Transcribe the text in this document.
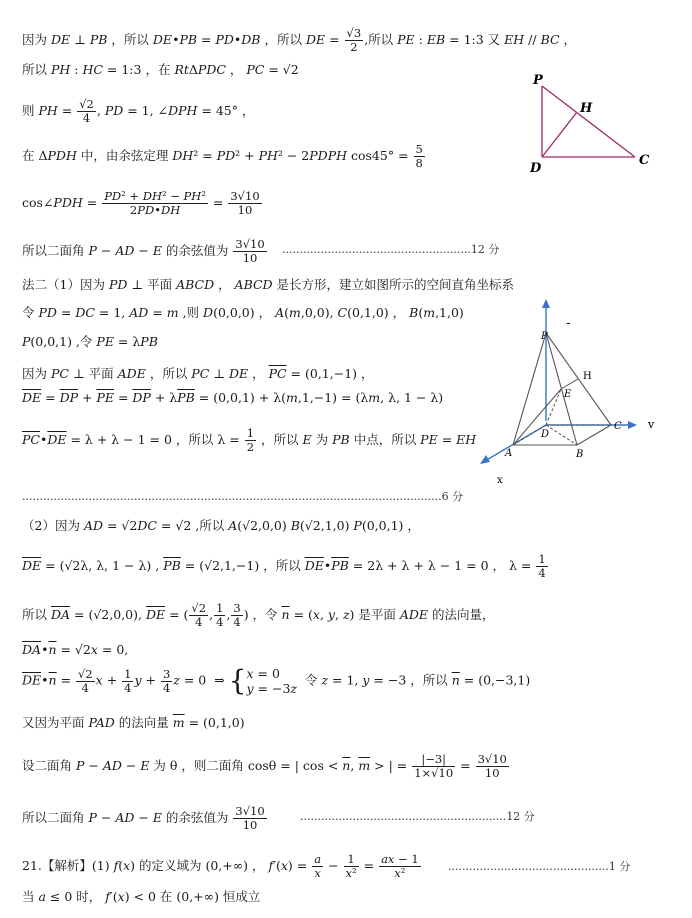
因为 DE ⊥ PB ，所以 DE•PB = PD•DB ，所以 DE = $\frac{√3}{2}$ ,所以 PE : EB = 1:3 又 EH // BC ，
所以 PH : HC = 1:3 ，在 RtΔPDC ， PC = √2
则 PH = $\frac{√2}{4}$ , PD = 1, ∠DPH = 45° ，
在 ΔPDH 中，由余弦定理 DH² = PD² + PH² − 2PDPH $\cos 45^\circ = \frac{5}{8}$
cos∠PDH = $\frac{\text{PD² + DH² − PH²}}{2PD•DH} = \frac{3√10}{10}$
所以二面角 P − AD − E 的余弦值为 $\frac{3√10}{10} ......................................................12$ 分
法二（1）因为 PD ⊥ 平面 ABCD ， ABCD 是长方形，建立如图所示的空间直角坐标系
令 PD = DC = 1, AD = m ,则 D(0,0,0) ， A(m,0,0), C(0,1,0) ， B(m,1,0)
P(0,0,1) ,令 PE = λPB
因为 PC ⊥ 平面 ADE ，所以 PC ⊥ DE ， $\overline{PC} = (0,1,-1)$ ，
$\overline{DE} = \overline{DP} + \overline{PE} = \overline{DP} + \lambda\overline{PB} = (0,0,1) + \lambda(m,1,-1) = (\lambda m$, λ, 1 − λ)
$\overline{PC}•\overline{DE} = \lambda + \lambda - 1 = 0$ ，所以 $\lambda = \frac{1}{2}$ ，所以 E 为 PB 中点，所以 PE = EH
........................................................................................................................6 分
（2）因为 AD = √2DC = √2 ,所以 A(√2,0,0) B(√2,1,0) P(0,0,1) ，
$\overline{DE} = (√2\lambda$, λ, 1 − λ) , $\overline{PB} = (√2,1,-1)$ ，所以 $\overline{DE}•\overline{PB} = 2\lambda + \lambda + \lambda - 1 = 0$ ， $\lambda = \frac{1}{4}$
所以 $\overline{DA} = (√2,0,0)$, $\overline{DE}$ = ( $\frac{√2}{4}$ , $\frac{1}{4}$ , $\frac{3}{4}$ ) ，令 $\overline{n} = (x$, y, z) 是平面 ADE 的法向量，
$\overline{DA}•\overline{n} = √2x = 0$,
$\overline{DE}•\overline{n} = \frac{√2}{4}$ $x + \frac{1}{4}$ $y + \frac{3}{4}$ z = 0  ⇒ {x = 0
y = −3z  令 z = 1, y = −3 ，所以 $\overline{n} = (0,-3,1)$
又因为平面 PAD 的法向量 $\overline{m} = (0,1,0)$
设二面角 P − AD − E 为 θ ，则二面角 cosθ = | $\cos < \overline{n}$, $\overline{m}$ > | = $\frac{|-3|}{1\times√10} = \frac{3√10}{10}$
所以二面角 P − AD − E 的余弦值为 $\frac{3√10}{10}$	...........................................................12 分
21.【解析】(1) f(x) 的定义域为 (0,+∞) ， $f'(x) = \frac{a}{x} - \frac{1}{\text{x²}} = \frac{ax - 1}{\text{x²}} ..............................................1$ 分
当 a ≤ 0 时， f′(x) < 0 在 (0,+∞) 恒成立
P
H
D
C
P
H
E
D
C v
A	B
x
-
